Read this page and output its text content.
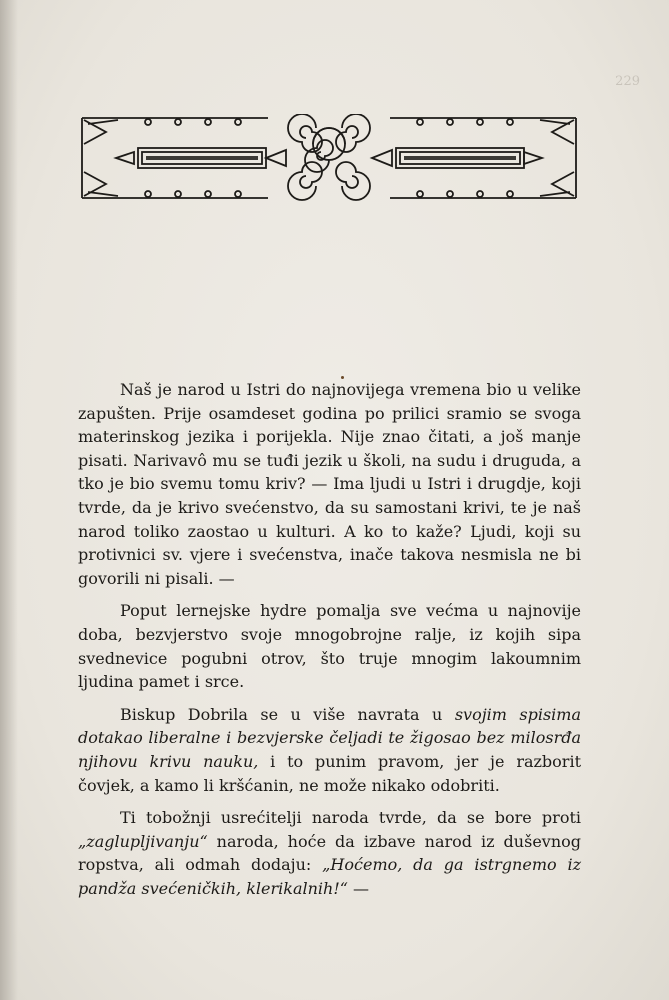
229

Naš je narod u Istri do najnovijega vremena bio u velike zapušten. Prije osamdeset godina po prilici sramio se svoga materinskog jezika i porijekla. Nije znao čitati, a još manje pisati. Narivavô mu se tuđi jezik u školi, na sudu i druguda, a tko je bio svemu tomu kriv? — Ima ljudi u Istri i drugdje, koji tvrde, da je krivo svećenstvo, da su samostani krivi, te je naš narod toliko zaostao u kulturi. A ko to kaže? Ljudi, koji su protivnici sv. vjere i svećenstva, inače takova nesmisla ne bi govorili ni pisali. —

Poput lernejske hydre pomalja sve većma u najnovije doba, bezvjerstvo svoje mnogobrojne ralje, iz kojih sipa svednevice pogubni otrov, što truje mnogim lakoumnim ljudina pamet i srce.

Biskup Dobrila se u više navrata u svojim spisima dotakao liberalne i bezvjerske čeljadi te žigosao bez milosrđa njihovu krivu nauku, i to punim pravom, jer je razborit čovjek, a kamo li kršćanin, ne može nikako odobriti.

Ti tobožnji usrećitelji naroda tvrde, da se bore proti „zaglupljivanju“ naroda, hoće da izbave narod iz duševnog ropstva, ali odmah dodaju: „Hoćemo, da ga istrgnemo iz pandža svećeničkih, klerikalnih!“ —
